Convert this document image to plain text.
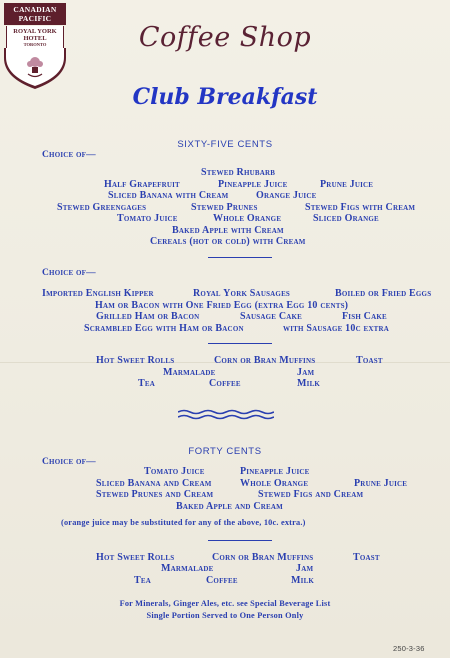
CANADIAN
PACIFIC
ROYAL YORK
HOTEL
TORONTO	Coffee Shop
Club Breakfast
SIXTY-FIVE CENTS
Choice of—
Stewed Rhubarb
Half Grapefruit	Pineapple Juice	Prune Juice
Sliced Banana with Cream	Orange Juice
Stewed Greengages	Stewed Prunes	Stewed Figs with Cream
Tomato Juice	Whole Orange	Sliced Orange
Baked Apple with Cream
Cereals (hot or cold) with Cream
Choice of—
Imported English Kipper	Royal York Sausages	Boiled or Fried Eggs
Ham or Bacon with One Fried Egg (extra Egg 10 cents)
Grilled Ham or Bacon	Sausage Cake	Fish Cake
Scrambled Egg with Ham or Bacon	with Sausage 10c extra
Hot Sweet Rolls	Corn or Bran Muffins	Toast
Marmalade	Jam
Tea	Coffee	Milk
FORTY CENTS
Choice of—
Tomato Juice	Pineapple Juice
Sliced Banana and Cream	Whole Orange	Prune Juice
Stewed Prunes and Cream	Stewed Figs and Cream
Baked Apple and Cream
(orange juice may be substituted for any of the above, 10c. extra.)
Hot Sweet Rolls	Corn or Bran Muffins	Toast
Marmalade	Jam
Tea	Coffee	Milk
For Minerals, Ginger Ales, etc. see Special Beverage List
Single Portion Served to One Person Only
250-3-36
